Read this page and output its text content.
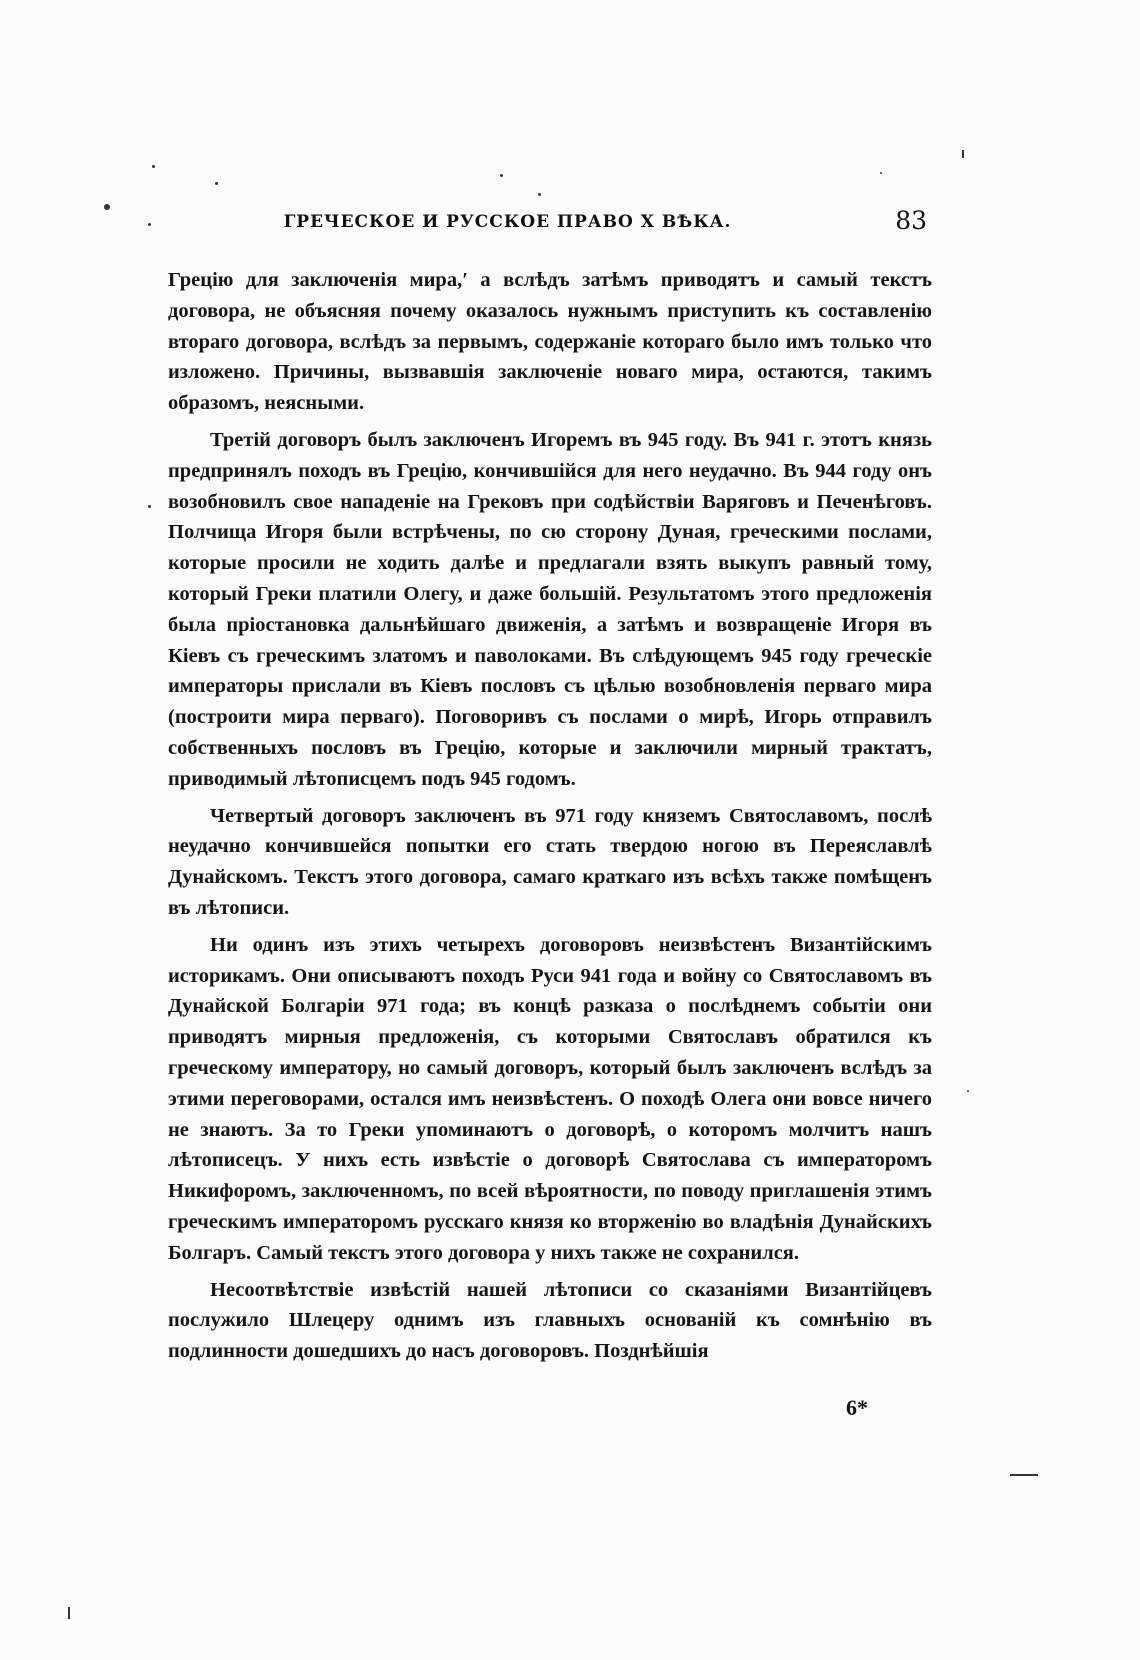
ГРЕЧЕСКОЕ И РУССКОЕ ПРАВО X ВѢКА.	83

Грецію для заключенія мира,′ а вслѣдъ затѣмъ приводятъ и самый текстъ договора, не объясняя почему оказалось нужнымъ приступить къ составленію втораго договора, вслѣдъ за первымъ, содержаніе котораго было имъ только что изложено. Причины, вызвавшія заключеніе новаго мира, остаются, такимъ образомъ, неясными.

Третій договоръ былъ заключенъ Игоремъ въ 945 году. Въ 941 г. этотъ князь предпринялъ походъ въ Грецію, кончившійся для него неудачно. Въ 944 году онъ возобновилъ свое нападеніе на Грековъ при содѣйствіи Варяговъ и Печенѣговъ. Полчища Игоря были встрѣчены, по сю сторону Дуная, греческими послами, которые просили не ходить далѣе и предлагали взять выкупъ равный тому, который Греки платили Олегу, и даже большій. Результатомъ этого предложенія была пріостановка дальнѣйшаго движенія, а затѣмъ и возвращеніе Игоря въ Кіевъ съ греческимъ златомъ и паволоками. Въ слѣдующемъ 945 году греческіе императоры прислали въ Кіевъ пословъ съ цѣлью возобновленія перваго мира (построити мира перваго). Поговоривъ съ послами о мирѣ, Игорь отправилъ собственныхъ пословъ въ Грецію, которые и заключили мирный трактатъ, приводимый лѣтописцемъ подъ 945 годомъ.

Четвертый договоръ заключенъ въ 971 году княземъ Святославомъ, послѣ неудачно кончившейся попытки его стать твердою ногою въ Переяславлѣ Дунайскомъ. Текстъ этого договора, самаго краткаго изъ всѣхъ также помѣщенъ въ лѣтописи.

Ни одинъ изъ этихъ четырехъ договоровъ неизвѣстенъ Византійскимъ историкамъ. Они описываютъ походъ Руси 941 года и войну со Святославомъ въ Дунайской Болгаріи 971 года; въ концѣ разказа о послѣднемъ событіи они приводятъ мирныя предложенія, съ которыми Святославъ обратился къ греческому императору, но самый договоръ, который былъ заключенъ вслѣдъ за этими переговорами, остался имъ неизвѣстенъ. О походѣ Олега они вовсе ничего не знаютъ. За то Греки упоминаютъ о договорѣ, о которомъ молчитъ нашъ лѣтописецъ. У нихъ есть извѣстіе о договорѣ Святослава съ императоромъ Никифоромъ, заключенномъ, по всей вѣроятности, по поводу приглашенія этимъ греческимъ императоромъ русскаго князя ко вторженію во владѣнія Дунайскихъ Болгаръ. Самый текстъ этого договора у нихъ также не сохранился.

Несоотвѣтствіе извѣстій нашей лѣтописи со сказаніями Византійцевъ послужило Шлецеру однимъ изъ главныхъ основаній къ сомнѣнію въ подлинности дошедшихъ до насъ договоровъ. Позднѣйшія

6*
